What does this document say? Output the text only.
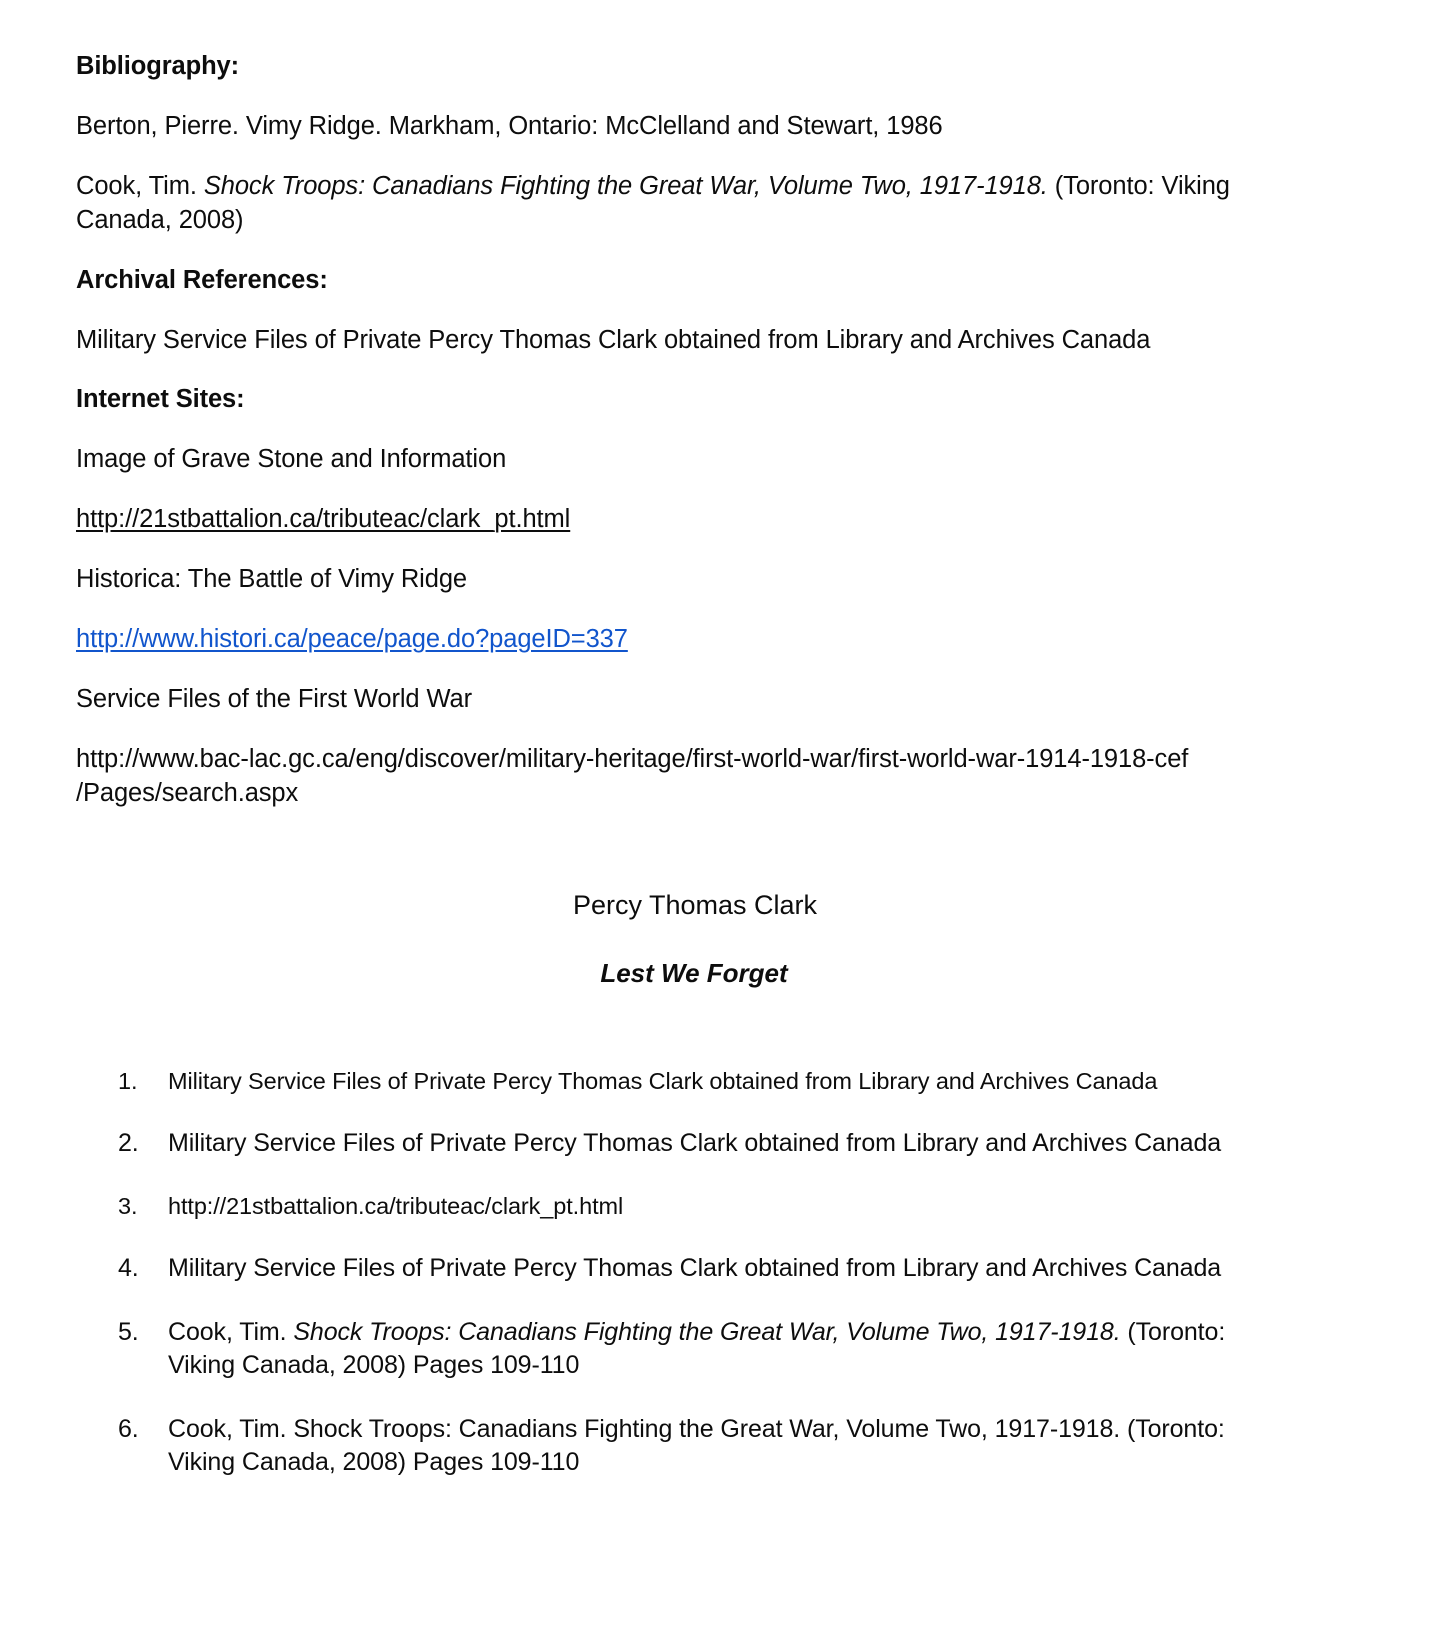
Bibliography:

Berton, Pierre. Vimy Ridge. Markham, Ontario: McClelland and Stewart, 1986

Cook, Tim. Shock Troops: Canadians Fighting the Great War, Volume Two, 1917-1918. (Toronto: Viking Canada, 2008)

Archival References:

Military Service Files of Private Percy Thomas Clark obtained from Library and Archives Canada

Internet Sites:

Image of Grave Stone and Information

http://21stbattalion.ca/tributeac/clark_pt.html

Historica: The Battle of Vimy Ridge

http://www.histori.ca/peace/page.do?pageID=337

Service Files of the First World War

http://www.bac-lac.gc.ca/eng/discover/military-heritage/first-world-war/first-world-war-1914-1918-cef /Pages/search.aspx

Percy Thomas Clark

Lest We Forget

1.	Military Service Files of Private Percy Thomas Clark obtained from Library and Archives Canada
2.	Military Service Files of Private Percy Thomas Clark obtained from Library and Archives Canada
3.	http://21stbattalion.ca/tributeac/clark_pt.html
4.	Military Service Files of Private Percy Thomas Clark obtained from Library and Archives Canada
5.	Cook, Tim. Shock Troops: Canadians Fighting the Great War, Volume Two, 1917-1918. (Toronto: Viking Canada, 2008) Pages 109-110
6.	Cook, Tim. Shock Troops: Canadians Fighting the Great War, Volume Two, 1917-1918. (Toronto: Viking Canada, 2008) Pages 109-110
